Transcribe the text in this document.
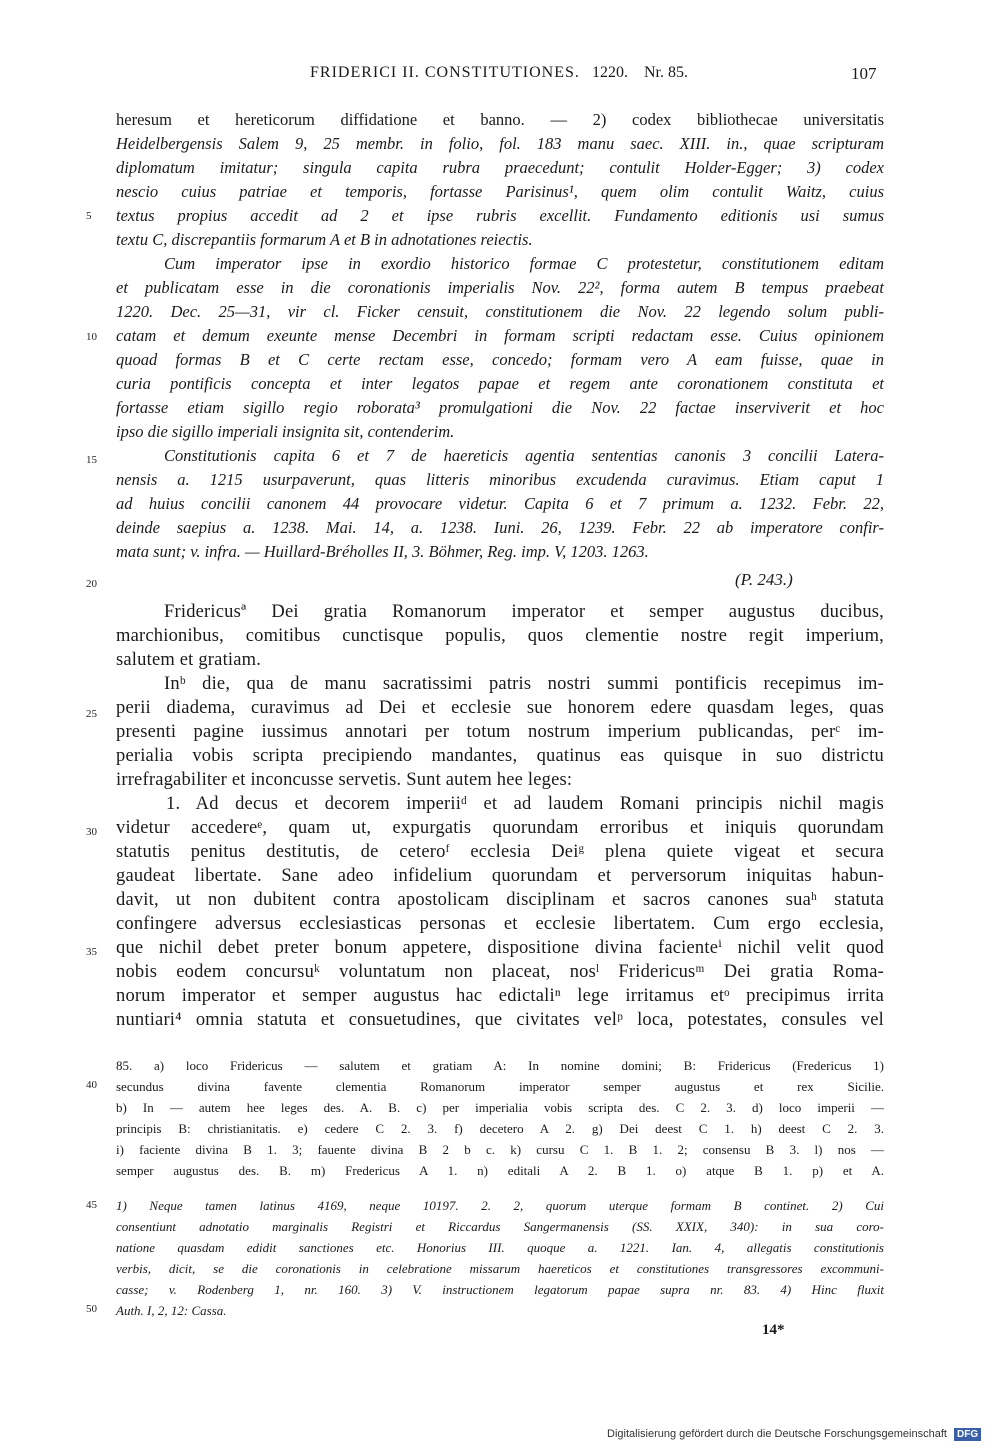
FRIDERICI II. CONSTITUTIONES. 1220. Nr. 85.	107
heresum et hereticorum diffidatione et banno. — 2) codex bibliothecae universitatis
Heidelbergensis Salem 9, 25 membr. in folio, fol. 183 manu saec. XIII. in., quae scripturam
diplomatum imitatur; singula capita rubra praecedunt; contulit Holder-Egger; 3) codex
nescio cuius patriae et temporis, fortasse Parisinus¹, quem olim contulit Waitz, cuius
textus propius accedit ad 2 et ipse rubris excellit. Fundamento editionis usi sumus
textu C, discrepantiis formarum A et B in adnotationes reiectis.
Cum imperator ipse in exordio historico formae C protestetur, constitutionem editam
et publicatam esse in die coronationis imperialis Nov. 22², forma autem B tempus praebeat
1220. Dec. 25—31, vir cl. Ficker censuit, constitutionem die Nov. 22 legendo solum publi-
catam et demum exeunte mense Decembri in formam scripti redactam esse. Cuius opinionem
quoad formas B et C certe rectam esse, concedo; formam vero A eam fuisse, quae in
curia pontificis concepta et inter legatos papae et regem ante coronationem constituta et
fortasse etiam sigillo regio roborata³ promulgationi die Nov. 22 factae inserviverit et hoc
ipso die sigillo imperiali insignita sit, contenderim.
Constitutionis capita 6 et 7 de haereticis agentia sententias canonis 3 concilii Latera-
nensis a. 1215 usurpaverunt, quas litteris minoribus excudenda curavimus. Etiam caput 1
ad huius concilii canonem 44 provocare videtur. Capita 6 et 7 primum a. 1232. Febr. 22,
deinde saepius a. 1238. Mai. 14, a. 1238. Iuni. 26, 1239. Febr. 22 ab imperatore confir-
mata sunt; v. infra. — Huillard-Bréholles II, 3. Böhmer, Reg. imp. V, 1203. 1263.
(P. 243.)
Fridericusª Dei gratia Romanorum imperator et semper augustus ducibus,
marchionibus, comitibus cunctisque populis, quos clementie nostre regit imperium,
salutem et gratiam.
Inᵇ die, qua de manu sacratissimi patris nostri summi pontificis recepimus im-
perii diadema, curavimus ad Dei et ecclesie sue honorem edere quasdam leges, quas
presenti pagine iussimus annotari per totum nostrum imperium publicandas, perᶜ im-
perialia vobis scripta precipiendo mandantes, quatinus eas quisque in suo districtu
irrefragabiliter et inconcusse servetis. Sunt autem hee leges:
1. Ad decus et decorem imperiiᵈ et ad laudem Romani principis nichil magis
videtur accedereᵉ, quam ut, expurgatis quorundam erroribus et iniquis quorundam
statutis penitus destitutis, de ceteroᶠ ecclesia Deiᵍ plena quiete vigeat et secura
gaudeat libertate. Sane adeo infidelium quorundam et perversorum iniquitas habun-
davit, ut non dubitent contra apostolicam disciplinam et sacros canones suaʰ statuta
confingere adversus ecclesiasticas personas et ecclesie libertatem. Cum ergo ecclesia,
que nichil debet preter bonum appetere, dispositione divina facienteⁱ nichil velit quod
nobis eodem concursuᵏ voluntatum non placeat, nosˡ Fridericusᵐ Dei gratia Roma-
norum imperator et semper augustus hac edictaliⁿ lege irritamus etᵒ precipimus irrita
nuntiari⁴ omnia statuta et consuetudines, que civitates velᵖ loca, potestates, consules vel
85. a) loco Fridericus — salutem et gratiam A: In nomine domini; B: Fridericus (Fredericus 1)
secundus divina favente clementia Romanorum imperator semper augustus et rex Sicilie.
b) In — autem hee leges des. A. B. c) per imperialia vobis scripta des. C 2. 3. d) loco imperii —
principis B: christianitatis. e) cedere C 2. 3. f) decetero A 2. g) Dei deest C 1. h) deest C 2. 3.
i) faciente divina B 1. 3; fauente divina B 2 b c. k) cursu C 1. B 1. 2; consensu B 3. l) nos —
semper augustus des. B. m) Fredericus A 1. n) editali A 2. B 1. o) atque B 1. p) et A.
1) Neque tamen latinus 4169, neque 10197. 2. 2, quorum uterque formam B continet. 2) Cui
consentiunt adnotatio marginalis Registri et Riccardus Sangermanensis (SS. XXIX, 340): in sua coro-
natione quasdam edidit sanctiones etc. Honorius III. quoque a. 1221. Ian. 4, allegatis constitutionis
verbis, dicit, se die coronationis in celebratione missarum haereticos et constitutiones transgressores excommuni-
casse; v. Rodenberg 1, nr. 160. 3) V. instructionem legatorum papae supra nr. 83. 4) Hinc fluxit
Auth. I, 2, 12: Cassa.
14*
5
10
15
20
25
30
35
40
45
50
Digitalisierung gefördert durch die Deutsche Forschungsgemeinschaft DFG
